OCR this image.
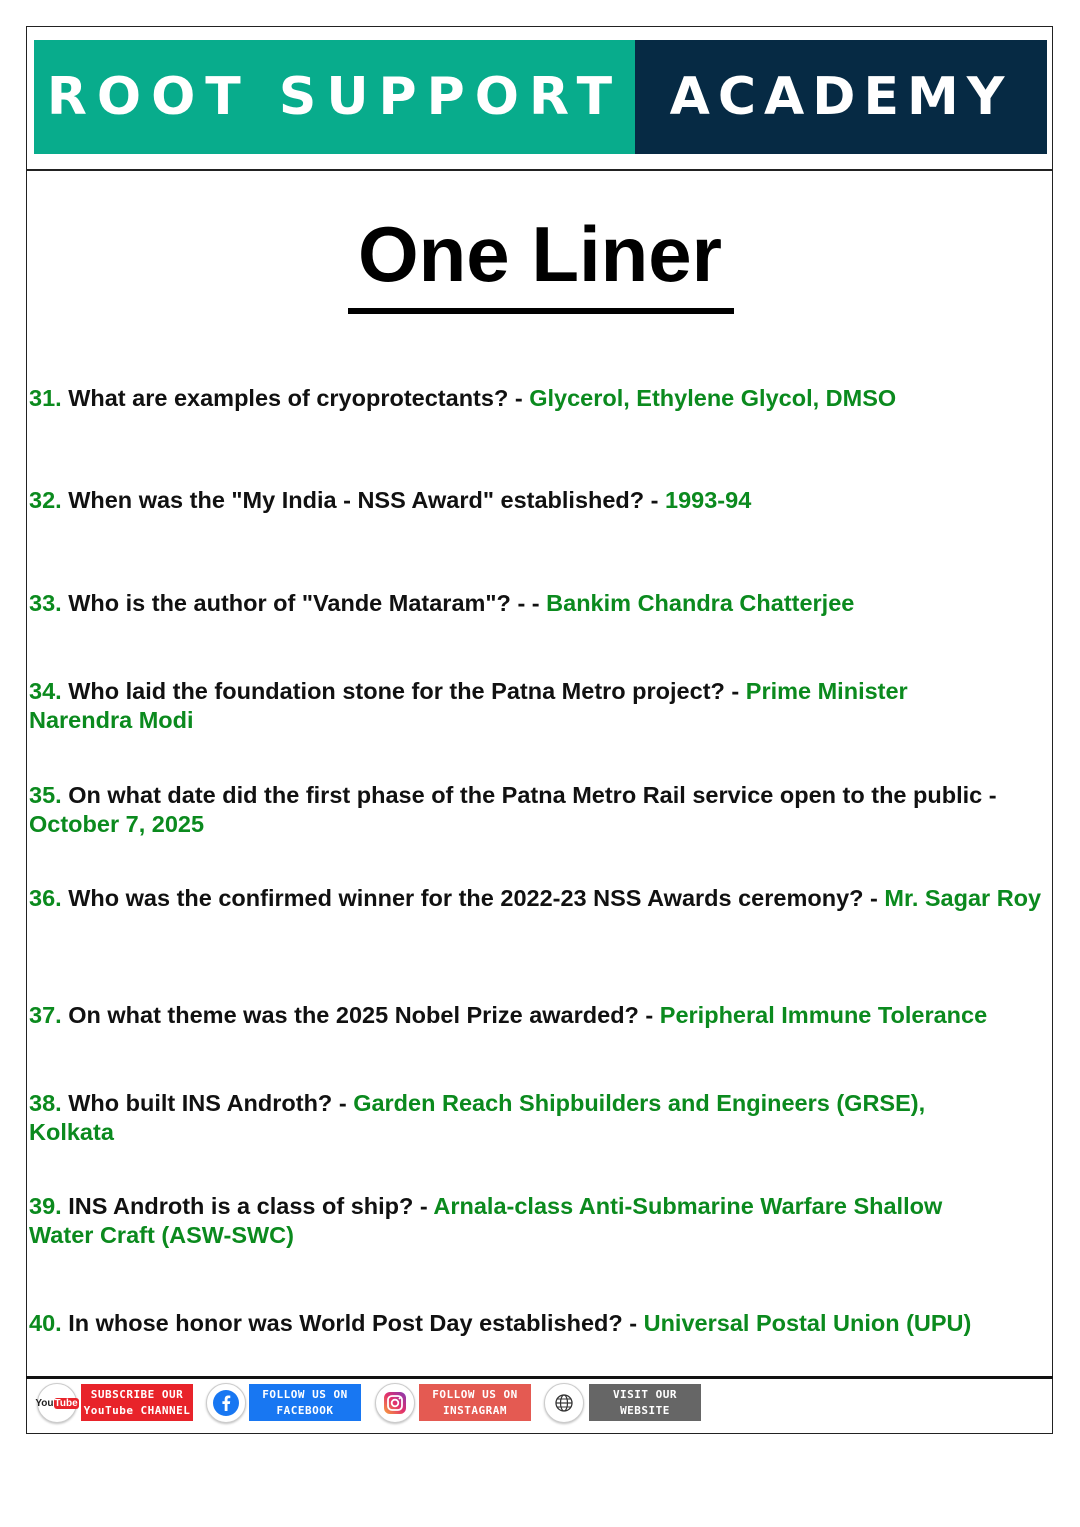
ROOT SUPPORT ACADEMY
One Liner
31. What are examples of cryoprotectants? - Glycerol, Ethylene Glycol, DMSO
32. When was the "My India - NSS Award" established? - 1993-94
33. Who is the author of "Vande Mataram"? - - Bankim Chandra Chatterjee
34. Who laid the foundation stone for the Patna Metro project? - Prime Minister Narendra Modi
35. On what date did the first phase of the Patna Metro Rail service open to the public - October 7, 2025
36. Who was the confirmed winner for the 2022-23 NSS Awards ceremony? - Mr. Sagar Roy
37. On what theme was the 2025 Nobel Prize awarded? - Peripheral Immune Tolerance
38. Who built INS Androth? - Garden Reach Shipbuilders and Engineers (GRSE), Kolkata
39. INS Androth is a class of ship? - Arnala-class Anti-Submarine Warfare Shallow Water Craft (ASW-SWC)
40. In whose honor was World Post Day established? - Universal Postal Union (UPU)
YouTube
SUBSCRIBE OUR
YouTube CHANNEL
FOLLOW US ON
FACEBOOK
FOLLOW US ON
INSTAGRAM
VISIT OUR
WEBSITE
